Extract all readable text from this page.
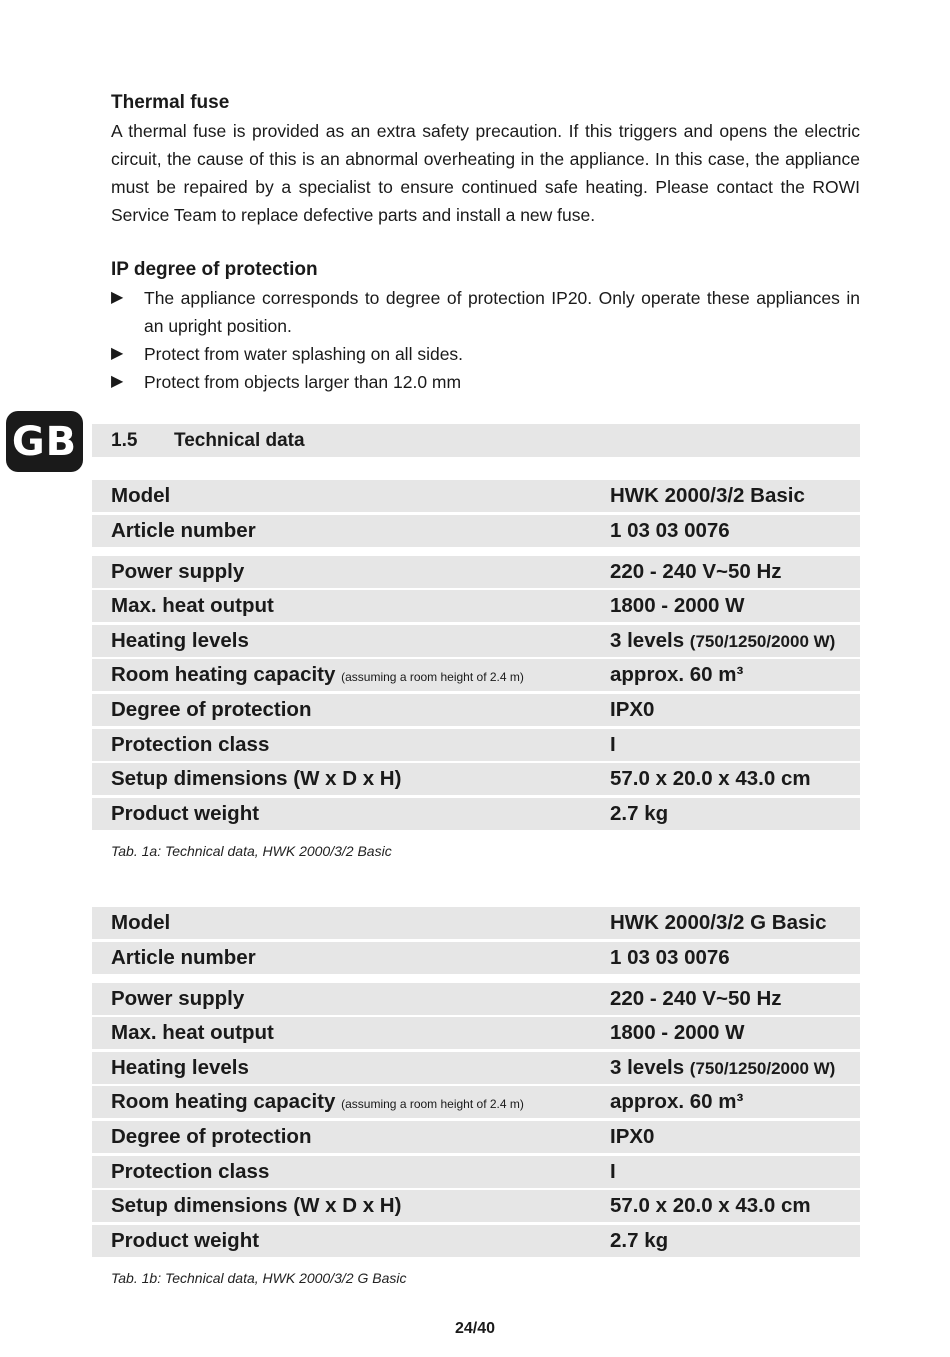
Thermal fuse
A thermal fuse is provided as an extra safety precaution. If this triggers and opens the electric circuit, the cause of this is an abnormal overheating in the appliance. In this case, the appliance must be repaired by a specialist to ensure continued safe heating. Please contact the ROWI Service Team to replace defective parts and install a new fuse.
IP degree of protection
▶ The appliance corresponds to degree of protection IP20. Only operate these appliances in an upright position.
▶ Protect from water splashing on all sides.
▶ Protect from objects larger than 12.0 mm
GB	1.5	Technical data
Model	HWK 2000/3/2 Basic
Article number	1 03 03 0076
Power supply	220 - 240 V~50 Hz
Max. heat output	1800 - 2000 W
Heating levels	3 levels (750/1250/2000 W)
Room heating capacity (assuming a room height of 2.4 m)	approx. 60 m³
Degree of protection	IPX0
Protection class	I
Setup dimensions (W x D x H)	57.0 x 20.0 x 43.0 cm
Product weight	2.7 kg
Tab. 1a: Technical data, HWK 2000/3/2 Basic
Model	HWK 2000/3/2 G Basic
Article number	1 03 03 0076
Power supply	220 - 240 V~50 Hz
Max. heat output	1800 - 2000 W
Heating levels	3 levels (750/1250/2000 W)
Room heating capacity (assuming a room height of 2.4 m)	approx. 60 m³
Degree of protection	IPX0
Protection class	I
Setup dimensions (W x D x H)	57.0 x 20.0 x 43.0 cm
Product weight	2.7 kg
Tab. 1b: Technical data, HWK 2000/3/2 G Basic
24/40
